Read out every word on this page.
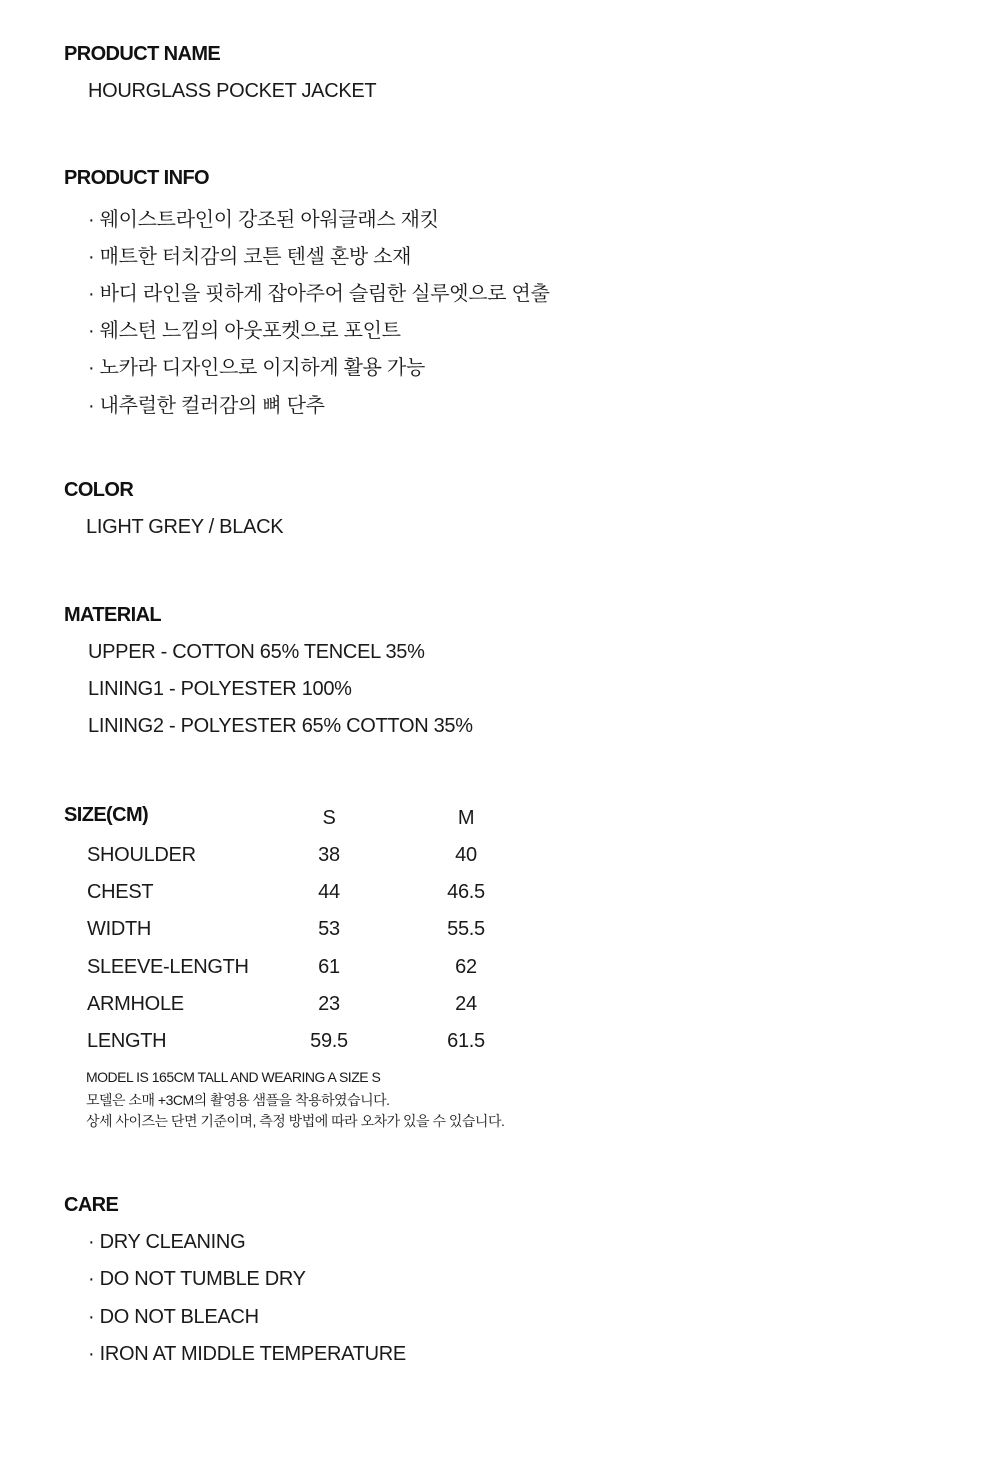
PRODUCT NAME
HOURGLASS POCKET JACKET
PRODUCT INFO
· 웨이스트라인이 강조된 아워글래스 재킷
· 매트한 터치감의 코튼 텐셀 혼방 소재
· 바디 라인을 핏하게 잡아주어 슬림한 실루엣으로 연출
· 웨스턴 느낌의 아웃포켓으로 포인트
· 노카라 디자인으로 이지하게 활용 가능
· 내추럴한 컬러감의 뼈 단추
COLOR
LIGHT GREY / BLACK
MATERIAL
UPPER - COTTON 65% TENCEL 35%
LINING1 - POLYESTER 100%
LINING2 - POLYESTER 65% COTTON 35%
SIZE(CM)	S	M
SHOULDER	38	40
CHEST	44	46.5
WIDTH	53	55.5
SLEEVE-LENGTH	61	62
ARMHOLE	23	24
LENGTH	59.5	61.5
MODEL IS 165CM TALL AND WEARING A SIZE S
모델은 소매 +3CM의 촬영용 샘플을 착용하였습니다.
상세 사이즈는 단면 기준이며, 측정 방법에 따라 오차가 있을 수 있습니다.
CARE
· DRY CLEANING
· DO NOT TUMBLE DRY
· DO NOT BLEACH
· IRON AT MIDDLE TEMPERATURE
